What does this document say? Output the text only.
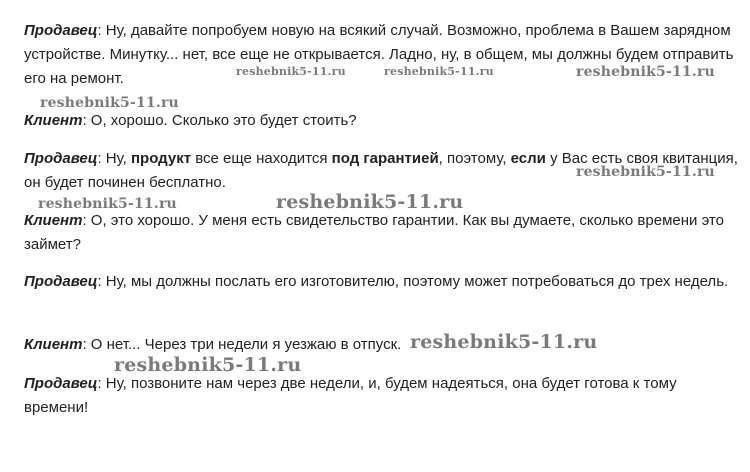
Продавец: Ну, давайте попробуем новую на всякий случай. Возможно, проблема в Вашем зарядном устройстве. Минутку... нет, все еще не открывается. Ладно, ну, в общем, мы должны будем отправить его на ремонт.

Клиент: О, хорошо. Сколько это будет стоить?

Продавец: Ну, продукт все еще находится под гарантией, поэтому, если у Вас есть своя квитанция, он будет починен бесплатно.

Клиент: О, это хорошо. У меня есть свидетельство гарантии. Как вы думаете, сколько времени это займет?

Продавец: Ну, мы должны послать его изготовителю, поэтому может потребоваться до трех недель.

Клиент: О нет... Через три недели я уезжаю в отпуск.

Продавец: Ну, позвоните нам через две недели, и, будем надеяться, она будет готова к тому времени!

reshebnik5-11.ru	reshebnik5-11.ru	reshebnik5-11.ru
reshebnik5-11.ru
reshebnik5-11.ru
reshebnik5-11.ru	reshebnik5-11.ru
reshebnik5-11.ru
reshebnik5-11.ru
